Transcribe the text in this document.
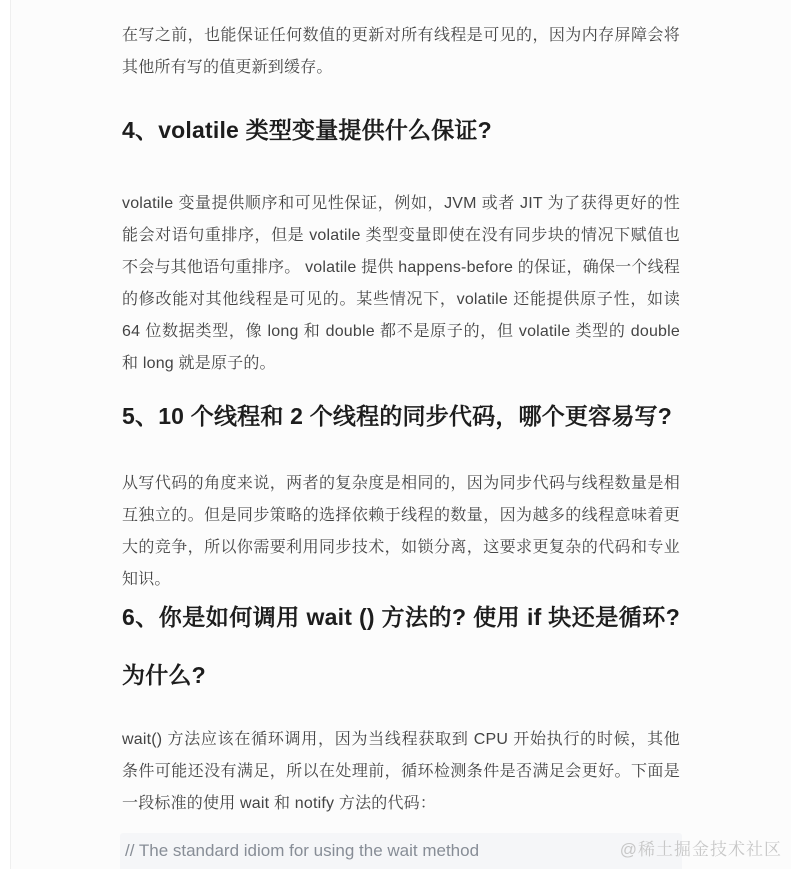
在写之前，也能保证任何数值的更新对所有线程是可见的，因为内存屏障会将其他所有写的值更新到缓存。

4、volatile 类型变量提供什么保证?

volatile 变量提供顺序和可见性保证，例如，JVM 或者 JIT 为了获得更好的性能会对语句重排序，但是 volatile 类型变量即使在没有同步块的情况下赋值也不会与其他语句重排序。 volatile 提供 happens-before 的保证，确保一个线程的修改能对其他线程是可见的。某些情况下，volatile 还能提供原子性，如读 64 位数据类型，像 long 和 double 都不是原子的，但 volatile 类型的 double 和 long 就是原子的。

5、10 个线程和 2 个线程的同步代码，哪个更容易写?

从写代码的角度来说，两者的复杂度是相同的，因为同步代码与线程数量是相互独立的。但是同步策略的选择依赖于线程的数量，因为越多的线程意味着更大的竞争，所以你需要利用同步技术，如锁分离，这要求更复杂的代码和专业知识。

6、你是如何调用 wait () 方法的? 使用 if 块还是循环? 为什么?

wait() 方法应该在循环调用，因为当线程获取到 CPU 开始执行的时候，其他条件可能还没有满足，所以在处理前，循环检测条件是否满足会更好。下面是一段标准的使用 wait 和 notify 方法的代码：

// The standard idiom for using the wait method	@稀土掘金技术社区
